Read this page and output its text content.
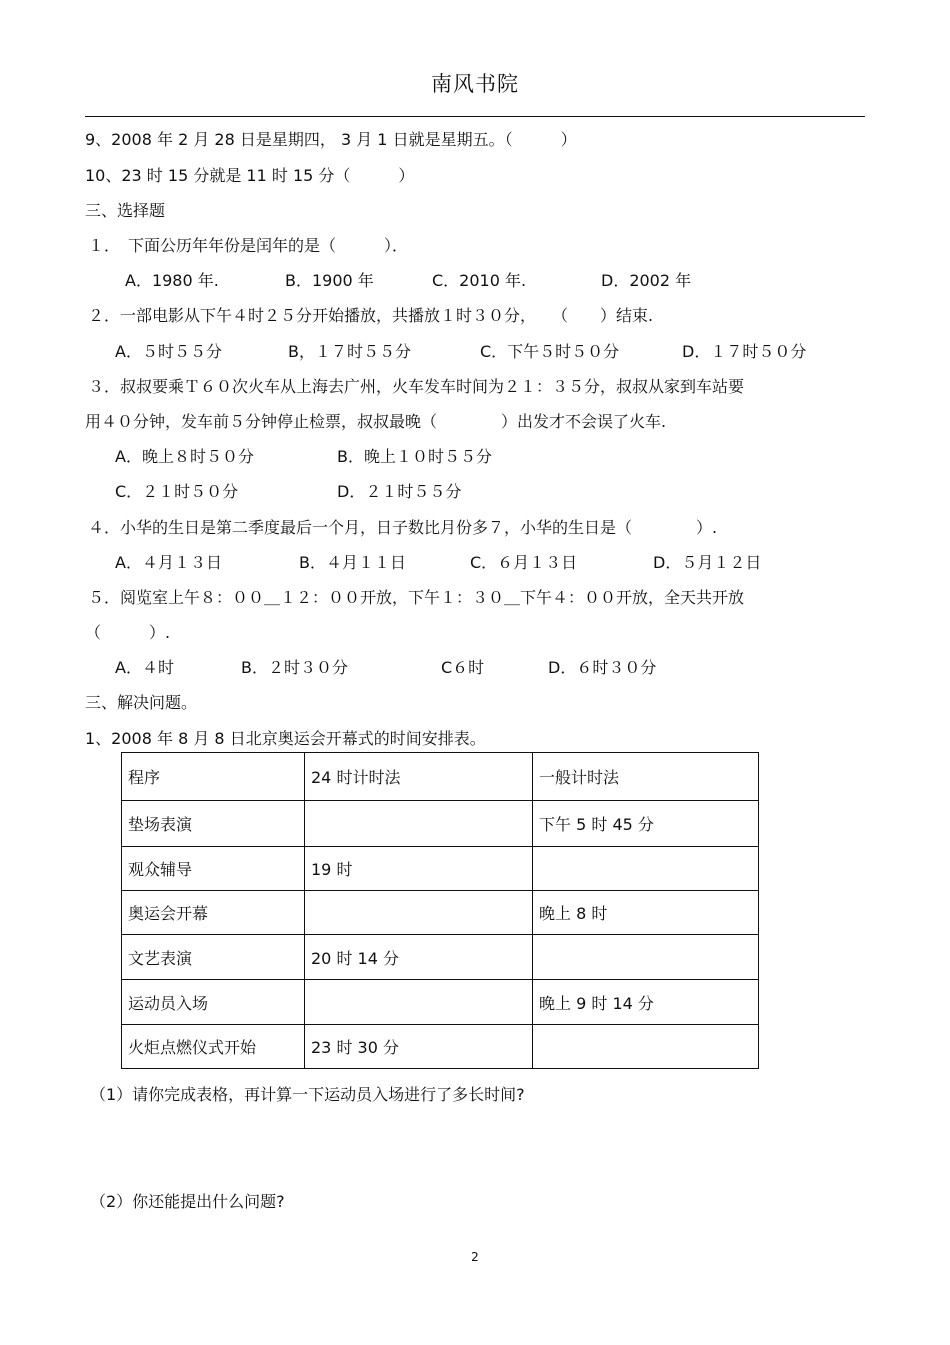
南风书院
9、2008 年 2 月 28 日是星期四， 3 月 1 日就是星期五。（　　　）
10、23 时 15 分就是 11 时 15 分（　　　）
三、选择题
１．　下面公历年年份是闰年的是（　　　）．
A．1980 年.	B．1900 年	C．2010 年.	D．2002 年
２．一部电影从下午４时２５分开始播放，共播放１时３０分，　　（　　）结束.
A．５时５５分	B，１７时５５分	C．下午５时５０分	D．１７时５０分
３．叔叔要乘Ｔ６０次火车从上海去广州，火车发车时间为２１：３５分，叔叔从家到车站要
用４０分钟，发车前５分钟停止检票，叔叔最晚（　　　　）出发才不会误了火车.
A．晚上８时５０分	B．晚上１０时５５分
C．２１时５０分	D．２１时５５分
４．小华的生日是第二季度最后一个月，日子数比月份多７，小华的生日是（　　　　）.
A．４月１３日	B．４月１１日	C．６月１３日	D．５月１２日
５．阅览室上午８：００＿１２：００开放，下午１：３０＿下午４：００开放，全天共开放
（　　　）.
A．４时	B．２时３０分	C６时	D．６时３０分
三、解决问题。
1、2008 年 8 月 8 日北京奥运会开幕式的时间安排表。
程序	24 时计时法	一般计时法
垫场表演		下午 5 时 45 分
观众辅导	19 时	
奥运会开幕		晚上 8 时
文艺表演	20 时 14 分	
运动员入场		晚上 9 时 14 分
火炬点燃仪式开始	23 时 30 分	
（1）请你完成表格，再计算一下运动员入场进行了多长时间?
（2）你还能提出什么问题?
2
